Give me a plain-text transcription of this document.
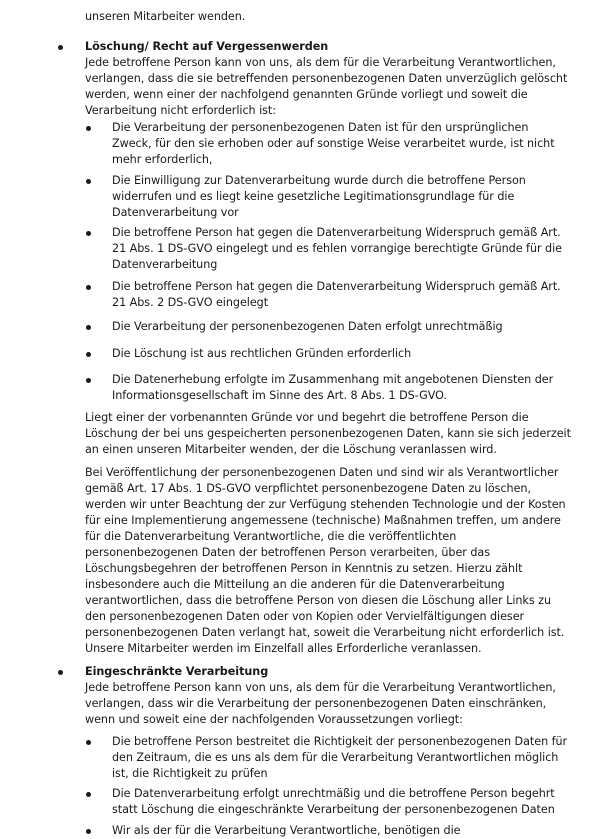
unseren Mitarbeiter wenden.
Löschung/ Recht auf Vergessenwerden
Jede betroffene Person kann von uns, als dem für die Verarbeitung Verantwortlichen,
verlangen, dass die sie betreffenden personenbezogenen Daten unverzüglich gelöscht
werden, wenn einer der nachfolgend genannten Gründe vorliegt und soweit die
Verarbeitung nicht erforderlich ist:
Die Verarbeitung der personenbezogenen Daten ist für den ursprünglichen
Zweck, für den sie erhoben oder auf sonstige Weise verarbeitet wurde, ist nicht
mehr erforderlich,
Die Einwilligung zur Datenverarbeitung wurde durch die betroffene Person
widerrufen und es liegt keine gesetzliche Legitimationsgrundlage für die
Datenverarbeitung vor
Die betroffene Person hat gegen die Datenverarbeitung Widerspruch gemäß Art.
21 Abs. 1 DS-GVO eingelegt und es fehlen vorrangige berechtigte Gründe für die
Datenverarbeitung
Die betroffene Person hat gegen die Datenverarbeitung Widerspruch gemäß Art.
21 Abs. 2 DS-GVO eingelegt
Die Verarbeitung der personenbezogenen Daten erfolgt unrechtmäßig
Die Löschung ist aus rechtlichen Gründen erforderlich
Die Datenerhebung erfolgte im Zusammenhang mit angebotenen Diensten der
Informationsgesellschaft im Sinne des Art. 8 Abs. 1 DS-GVO.
Liegt einer der vorbenannten Gründe vor und begehrt die betroffene Person die
Löschung der bei uns gespeicherten personenbezogenen Daten, kann sie sich jederzeit
an einen unseren Mitarbeiter wenden, der die Löschung veranlassen wird.
Bei Veröffentlichung der personenbezogenen Daten und sind wir als Verantwortlicher
gemäß Art. 17 Abs. 1 DS-GVO verpflichtet personenbezogene Daten zu löschen,
werden wir unter Beachtung der zur Verfügung stehenden Technologie und der Kosten
für eine Implementierung angemessene (technische) Maßnahmen treffen, um andere
für die Datenverarbeitung Verantwortliche, die die veröffentlichten
personenbezogenen Daten der betroffenen Person verarbeiten, über das
Löschungsbegehren der betroffenen Person in Kenntnis zu setzen. Hierzu zählt
insbesondere auch die Mitteilung an die anderen für die Datenverarbeitung
verantwortlichen, dass die betroffene Person von diesen die Löschung aller Links zu
den personenbezogenen Daten oder von Kopien oder Vervielfältigungen dieser
personenbezogenen Daten verlangt hat, soweit die Verarbeitung nicht erforderlich ist.
Unsere Mitarbeiter werden im Einzelfall alles Erforderliche veranlassen.
Eingeschränkte Verarbeitung
Jede betroffene Person kann von uns, als dem für die Verarbeitung Verantwortlichen,
verlangen, dass wir die Verarbeitung der personenbezogenen Daten einschränken,
wenn und soweit eine der nachfolgenden Voraussetzungen vorliegt:
Die betroffene Person bestreitet die Richtigkeit der personenbezogenen Daten für
den Zeitraum, die es uns als dem für die Verarbeitung Verantwortlichen möglich
ist, die Richtigkeit zu prüfen
Die Datenverarbeitung erfolgt unrechtmäßig und die betroffene Person begehrt
statt Löschung die eingeschränkte Verarbeitung der personenbezogenen Daten
Wir als der für die Verarbeitung Verantwortliche, benötigen die
